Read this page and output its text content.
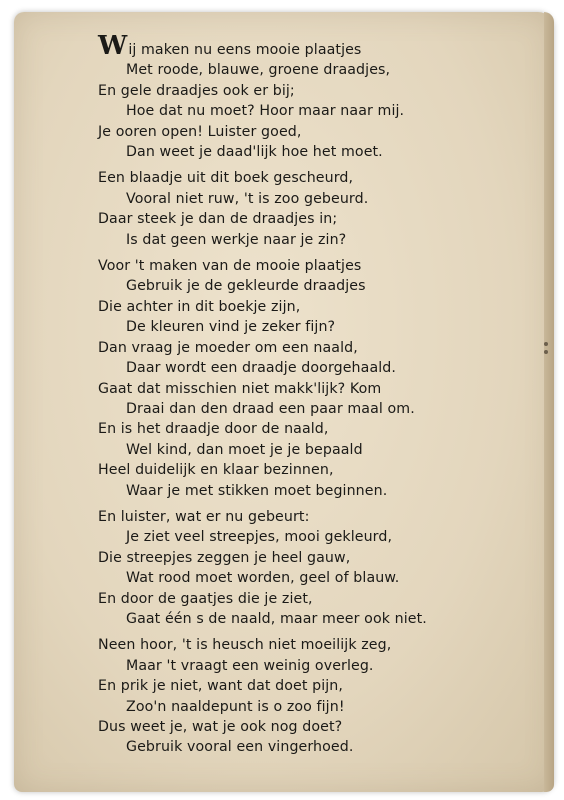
Wij maken nu eens mooie plaatjes
Met roode, blauwe, groene draadjes,
En gele draadjes ook er bij;
Hoe dat nu moet? Hoor maar naar mij.
Je ooren open! Luister goed,
Dan weet je daad'lijk hoe het moet.
Een blaadje uit dit boek gescheurd,
Vooral niet ruw, 't is zoo gebeurd.
Daar steek je dan de draadjes in;
Is dat geen werkje naar je zin?
Voor 't maken van de mooie plaatjes
Gebruik je de gekleurde draadjes
Die achter in dit boekje zijn,
De kleuren vind je zeker fijn?
Dan vraag je moeder om een naald,
Daar wordt een draadje doorgehaald.
Gaat dat misschien niet makk'lijk? Kom
Draai dan den draad een paar maal om.
En is het draadje door de naald,
Wel kind, dan moet je je bepaald
Heel duidelijk en klaar bezinnen,
Waar je met stikken moet beginnen.
En luister, wat er nu gebeurt:
Je ziet veel streepjes, mooi gekleurd,
Die streepjes zeggen je heel gauw,
Wat rood moet worden, geel of blauw.
En door de gaatjes die je ziet,
Gaat één s de naald, maar meer ook niet.
Neen hoor, 't is heusch niet moeilijk zeg,
Maar 't vraagt een weinig overleg.
En prik je niet, want dat doet pijn,
Zoo'n naaldepunt is o zoo fijn!
Dus weet je, wat je ook nog doet?
Gebruik vooral een vingerhoed.
